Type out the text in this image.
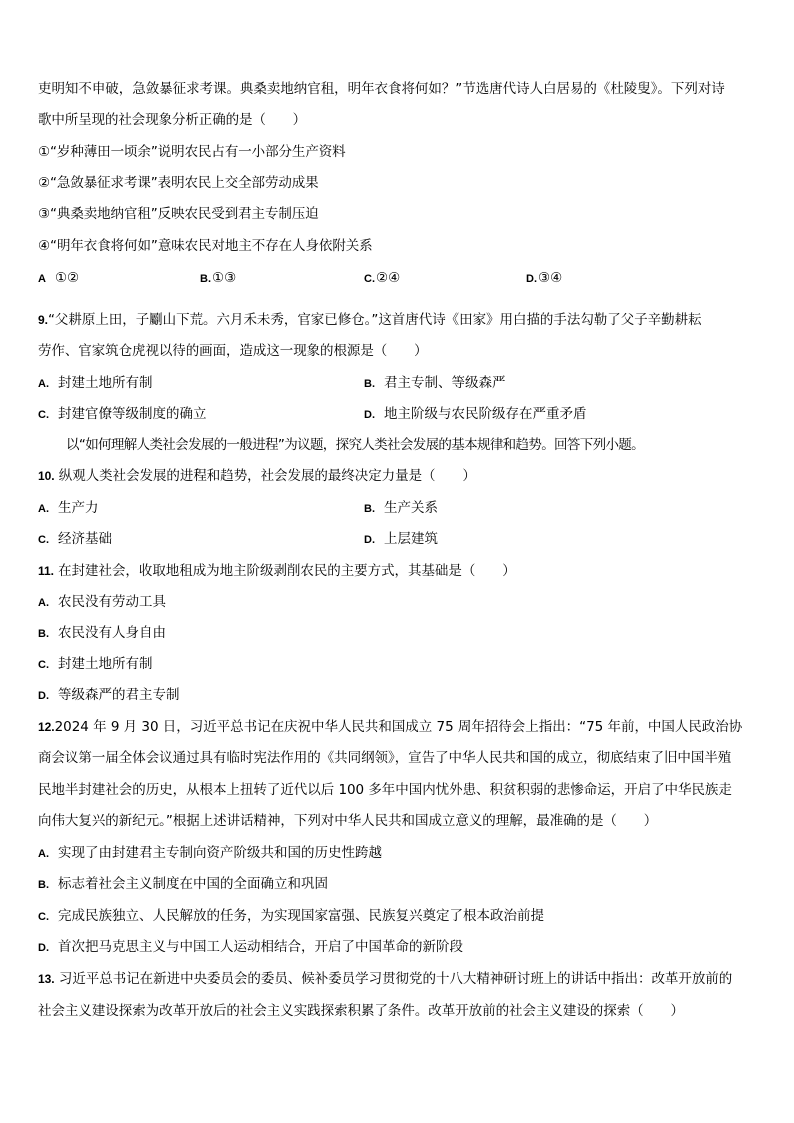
吏明知不申破，急敛暴征求考课。典桑卖地纳官租，明年衣食将何如？”节选唐代诗人白居易的《杜陵叟》。下列对诗
歌中所呈现的社会现象分析正确的是（　　）
①“岁种薄田一顷余”说明农民占有一小部分生产资料
②“急敛暴征求考课”表明农民上交全部劳动成果
③“典桑卖地纳官租”反映农民受到君主专制压迫
④“明年衣食将何如”意味农民对地主不存在人身依附关系
A ①②	B.①③	C.②④	D.③④
9.“父耕原上田，子劚山下荒。六月禾未秀，官家已修仓。”这首唐代诗《田家》用白描的手法勾勒了父子辛勤耕耘
劳作、官家筑仓虎视以待的画面，造成这一现象的根源是（　　）
A. 封建土地所有制	B. 君主专制、等级森严
C. 封建官僚等级制度的确立	D. 地主阶级与农民阶级存在严重矛盾
以“如何理解人类社会发展的一般进程”为议题，探究人类社会发展的基本规律和趋势。回答下列小题。
10. 纵观人类社会发展的进程和趋势，社会发展的最终决定力量是（　　）
A. 生产力	B. 生产关系
C. 经济基础	D. 上层建筑
11. 在封建社会，收取地租成为地主阶级剥削农民的主要方式，其基础是（　　）
A. 农民没有劳动工具
B. 农民没有人身自由
C. 封建土地所有制
D. 等级森严的君主专制
12.2024 年 9 月 30 日，习近平总书记在庆祝中华人民共和国成立 75 周年招待会上指出：“75 年前，中国人民政治协
商会议第一届全体会议通过具有临时宪法作用的《共同纲领》，宣告了中华人民共和国的成立，彻底结束了旧中国半殖
民地半封建社会的历史，从根本上扭转了近代以后 100 多年中国内忧外患、积贫积弱的悲惨命运，开启了中华民族走
向伟大复兴的新纪元。”根据上述讲话精神，下列对中华人民共和国成立意义的理解，最准确的是（　　）
A. 实现了由封建君主专制向资产阶级共和国的历史性跨越
B. 标志着社会主义制度在中国的全面确立和巩固
C. 完成民族独立、人民解放的任务，为实现国家富强、民族复兴奠定了根本政治前提
D. 首次把马克思主义与中国工人运动相结合，开启了中国革命的新阶段
13. 习近平总书记在新进中央委员会的委员、候补委员学习贯彻党的十八大精神研讨班上的讲话中指出：改革开放前的
社会主义建设探索为改革开放后的社会主义实践探索积累了条件。改革开放前的社会主义建设的探索（　　）
